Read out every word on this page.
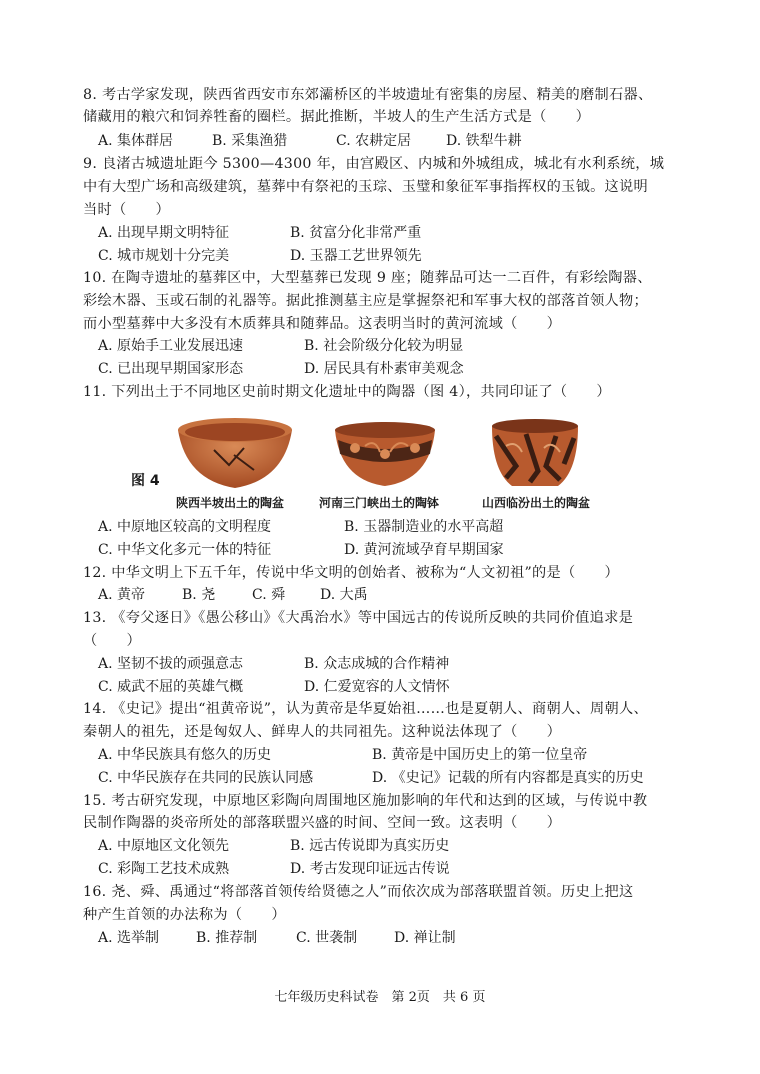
8. 考古学家发现，陕西省西安市东郊灞桥区的半坡遗址有密集的房屋、精美的磨制石器、
储藏用的粮穴和饲养牲畜的圈栏。据此推断，半坡人的生产生活方式是（　　）
A. 集体群居	B. 采集渔猎	C. 农耕定居 D. 铁犁牛耕
9. 良渚古城遗址距今 5300—4300 年，由宫殿区、内城和外城组成，城北有水利系统，城
中有大型广场和高级建筑，墓葬中有祭祀的玉琮、玉璧和象征军事指挥权的玉钺。这说明
当时（　　）
A. 出现早期文明特征	B. 贫富分化非常严重
C. 城市规划十分完美	D. 玉器工艺世界领先
10. 在陶寺遗址的墓葬区中，大型墓葬已发现 9 座；随葬品可达一二百件，有彩绘陶器、
彩绘木器、玉或石制的礼器等。据此推测墓主应是掌握祭祀和军事大权的部落首领人物；
而小型墓葬中大多没有木质葬具和随葬品。这表明当时的黄河流域（　　）
A. 原始手工业发展迅速	B. 社会阶级分化较为明显
C. 已出现早期国家形态	D. 居民具有朴素审美观念
11. 下列出土于不同地区史前时期文化遗址中的陶器（图 4），共同印证了（　　）
图 4
陕西半坡出土的陶盆	河南三门峡出土的陶钵	山西临汾出土的陶盆
A. 中原地区较高的文明程度	B. 玉器制造业的水平高超
C. 中华文化多元一体的特征	D. 黄河流域孕育早期国家
12. 中华文明上下五千年，传说中华文明的创始者、被称为“人文初祖”的是（　　）
A. 黄帝	B. 尧	C. 舜 D. 大禹
13. 《夸父逐日》《愚公移山》《大禹治水》等中国远古的传说所反映的共同价值追求是
（　　）
A. 坚韧不拔的顽强意志	B. 众志成城的合作精神
C. 威武不屈的英雄气概	D. 仁爱宽容的人文情怀
14. 《史记》提出“祖黄帝说”，认为黄帝是华夏始祖……也是夏朝人、商朝人、周朝人、
秦朝人的祖先，还是匈奴人、鲜卑人的共同祖先。这种说法体现了（　　）
A. 中华民族具有悠久的历史	B. 黄帝是中国历史上的第一位皇帝
C. 中华民族存在共同的民族认同感	D. 《史记》记载的所有内容都是真实的历史
15. 考古研究发现，中原地区彩陶向周围地区施加影响的年代和达到的区域，与传说中教
民制作陶器的炎帝所处的部落联盟兴盛的时间、空间一致。这表明（　　）
A. 中原地区文化领先	B. 远古传说即为真实历史
C. 彩陶工艺技术成熟	D. 考古发现印证远古传说
16. 尧、舜、禹通过“将部落首领传给贤德之人”而依次成为部落联盟首领。历史上把这
种产生首领的办法称为（　　）
A. 选举制	B. 推荐制	C. 世袭制	D. 禅让制
七年级历史科试卷　第 2页　共 6 页
